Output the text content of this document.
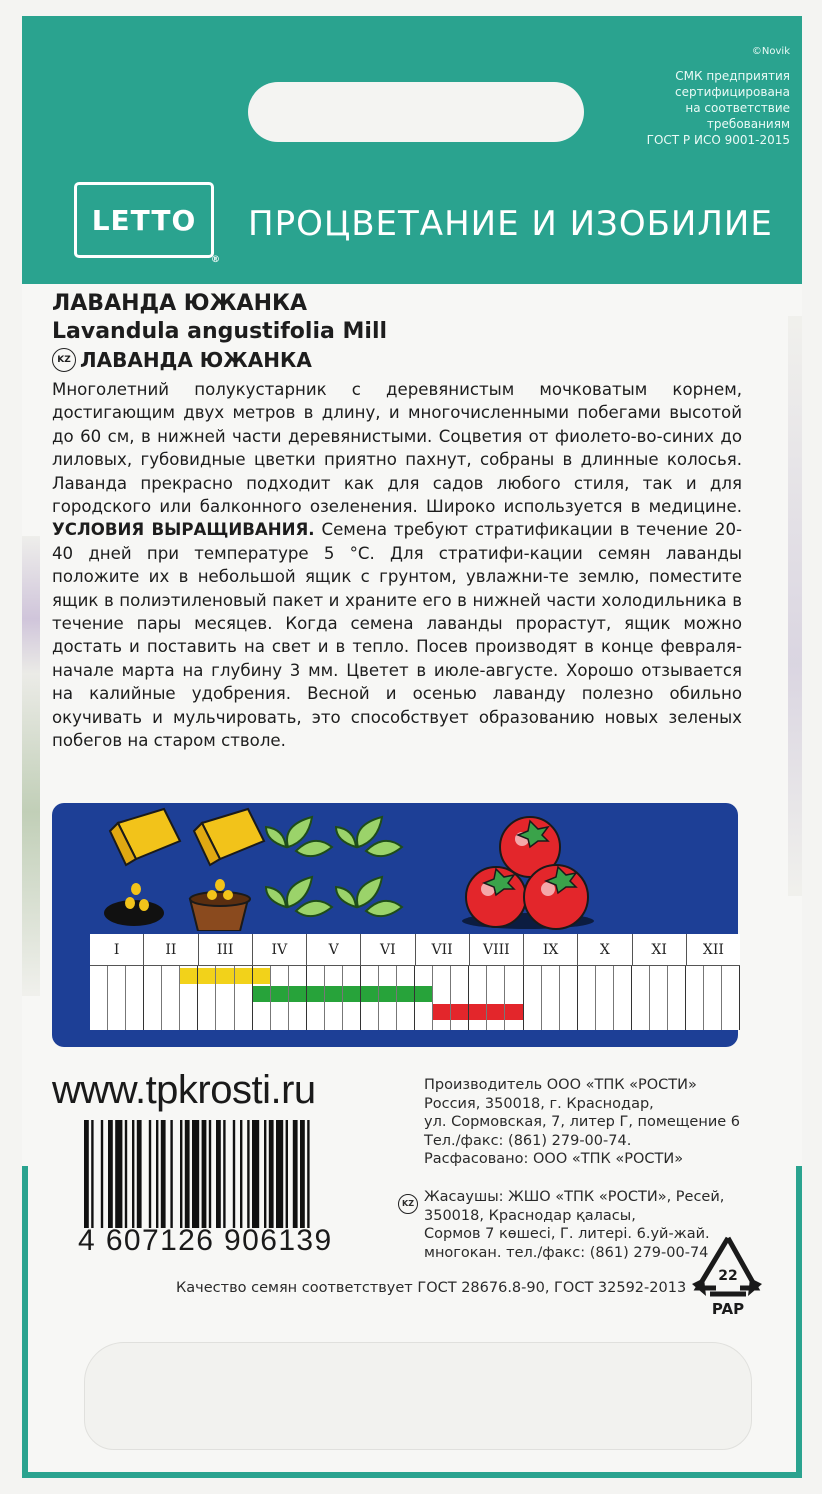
©Novik
СМК предприятия
сертифицирована
на соответствие
требованиям
ГОСТ Р ИСО 9001-2015
LETTO ®	ПРОЦВЕТАНИЕ И ИЗОБИЛИЕ
ЛАВАНДА ЮЖАНКА
Lavandula angustifolia Mill
KZ ЛАВАНДА ЮЖАНКА
Многолетний полукустарник с деревянистым мочковатым корнем, достигающим двух метров в длину, и многочисленными побегами высотой до 60 см, в нижней части деревянистыми. Соцветия от фиолето-во-синих до лиловых, губовидные цветки приятно пахнут, собраны в длинные колосья. Лаванда прекрасно подходит как для садов любого стиля, так и для городского или балконного озеленения. Широко используется в медицине. УСЛОВИЯ ВЫРАЩИВАНИЯ. Семена требуют стратификации в течение 20-40 дней при температуре 5 °С. Для стратифи-кации семян лаванды положите их в небольшой ящик с грунтом, увлажни-те землю, поместите ящик в полиэтиленовый пакет и храните его в нижней части холодильника в течение пары месяцев. Когда семена лаванды прорастут, ящик можно достать и поставить на свет и в тепло. Посев производят в конце февраля-начале марта на глубину 3 мм. Цветет в июле-августе. Хорошо отзывается на калийные удобрения. Весной и осенью лаванду полезно обильно окучивать и мульчировать, это способствует образованию новых зеленых побегов на старом стволе.
I	II	III	IV	V	VI	VII	VIII	IX	X	XI	XII
www.tpkrosti.ru	Производитель ООО «ТПК «РОСТИ»
Россия, 350018, г. Краснодар,
ул. Сормовская, 7, литер Г, помещение 6
Тел./факс: (861) 279-00-74.
Расфасовано: ООО «ТПК «РОСТИ»
4 607126 906139
KZ Жасаушы: ЖШО «ТПК «РОСТИ», Ресей,
350018, Краснодар қаласы,
Сормов 7 көшесі, Г. литері. 6.уй-жай.
многокан. тел./факс: (861) 279-00-74
Качество семян соответствует ГОСТ 28676.8-90, ГОСТ 32592-2013
22
PAP
